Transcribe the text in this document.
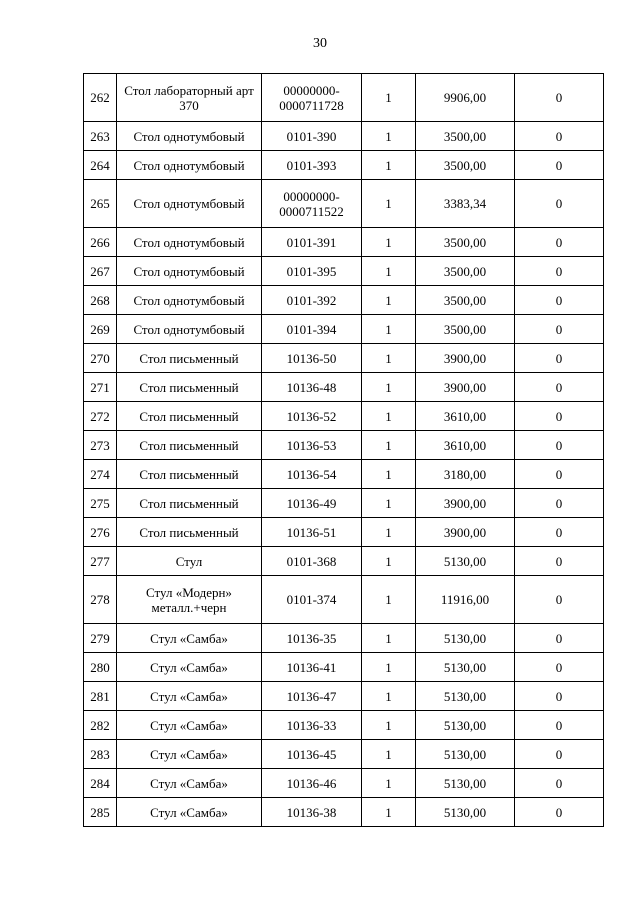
30
262	Стол лабораторный арт 370	00000000-0000711728	1	9906,00	0
263	Стол однотумбовый	0101-390	1	3500,00	0
264	Стол однотумбовый	0101-393	1	3500,00	0
265	Стол однотумбовый	00000000-0000711522	1	3383,34	0
266	Стол однотумбовый	0101-391	1	3500,00	0
267	Стол однотумбовый	0101-395	1	3500,00	0
268	Стол однотумбовый	0101-392	1	3500,00	0
269	Стол однотумбовый	0101-394	1	3500,00	0
270	Стол письменный	10136-50	1	3900,00	0
271	Стол письменный	10136-48	1	3900,00	0
272	Стол письменный	10136-52	1	3610,00	0
273	Стол письменный	10136-53	1	3610,00	0
274	Стол письменный	10136-54	1	3180,00	0
275	Стол письменный	10136-49	1	3900,00	0
276	Стол письменный	10136-51	1	3900,00	0
277	Стул	0101-368	1	5130,00	0
278	Стул «Модерн» металл.+черн	0101-374	1	11916,00	0
279	Стул «Самба»	10136-35	1	5130,00	0
280	Стул «Самба»	10136-41	1	5130,00	0
281	Стул «Самба»	10136-47	1	5130,00	0
282	Стул «Самба»	10136-33	1	5130,00	0
283	Стул «Самба»	10136-45	1	5130,00	0
284	Стул «Самба»	10136-46	1	5130,00	0
285	Стул «Самба»	10136-38	1	5130,00	0
